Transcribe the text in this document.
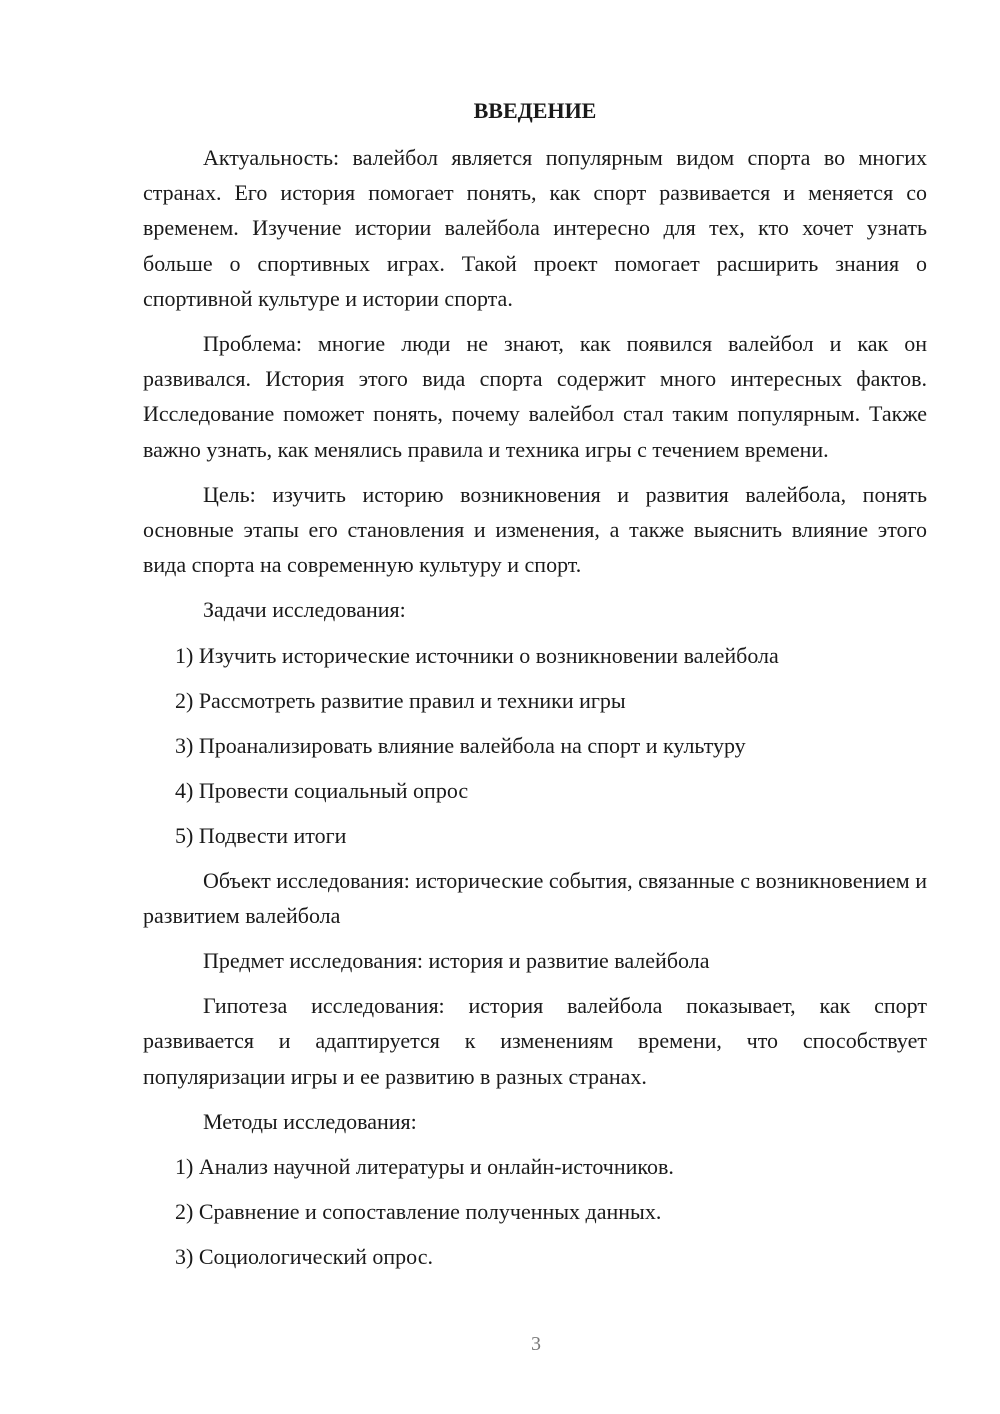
ВВЕДЕНИЕ

Актуальность: валейбол является популярным видом спорта во многих странах. Его история помогает понять, как спорт развивается и меняется со временем. Изучение истории валейбола интересно для тех, кто хочет узнать больше о спортивных играх. Такой проект помогает расширить знания о спортивной культуре и истории спорта.

Проблема: многие люди не знают, как появился валейбол и как он развивался. История этого вида спорта содержит много интересных фактов. Исследование поможет понять, почему валейбол стал таким популярным. Также важно узнать, как менялись правила и техника игры с течением времени.

Цель: изучить историю возникновения и развития валейбола, понять основные этапы его становления и изменения, а также выяснить влияние этого вида спорта на современную культуру и спорт.

Задачи исследования:

1) Изучить исторические источники о возникновении валейбола

2) Рассмотреть развитие правил и техники игры

3) Проанализировать влияние валейбола на спорт и культуру

4) Провести социальный опрос

5) Подвести итоги

Объект исследования: исторические события, связанные с возникновением и развитием валейбола

Предмет исследования: история и развитие валейбола

Гипотеза исследования: история валейбола показывает, как спорт развивается и адаптируется к изменениям времени, что способствует популяризации игры и ее развитию в разных странах.

Методы исследования:

1) Анализ научной литературы и онлайн-источников.

2) Сравнение и сопоставление полученных данных.

3) Социологический опрос.

3
